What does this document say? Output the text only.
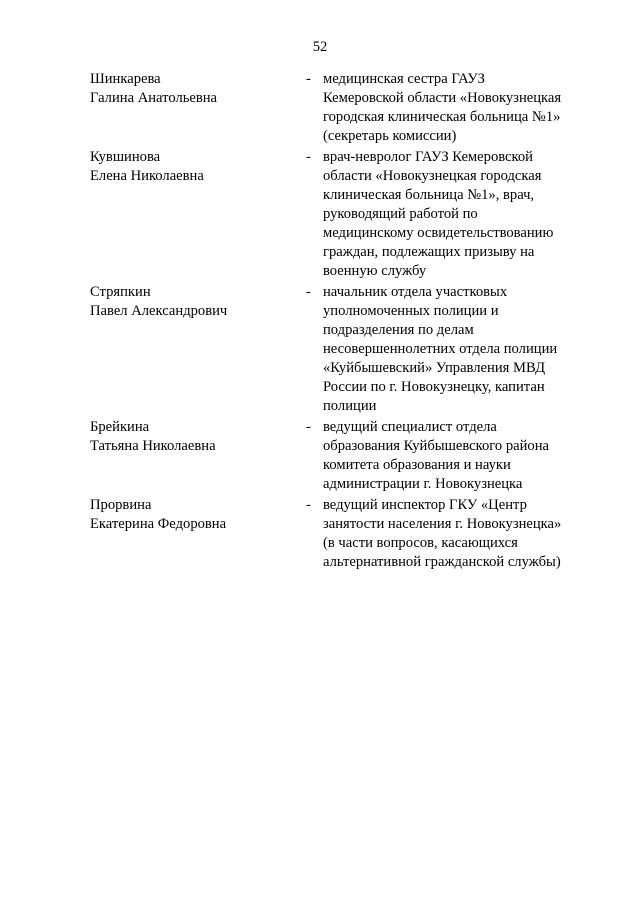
52
Шинкарева
Галина Анатольевна
- медицинская сестра ГАУЗ
Кемеровской области «Новокузнецкая
городская клиническая больница №1»
(секретарь комиссии)
Кувшинова
Елена Николаевна
- врач-невролог ГАУЗ Кемеровской
области «Новокузнецкая городская
клиническая больница №1», врач,
руководящий работой по
медицинскому освидетельствованию
граждан, подлежащих призыву на
военную службу
Стряпкин
Павел Александрович
- начальник отдела участковых
уполномоченных полиции и
подразделения по делам
несовершеннолетних отдела полиции
«Куйбышевский» Управления МВД
России по г. Новокузнецку, капитан
полиции
Брейкина
Татьяна Николаевна
- ведущий специалист отдела
образования Куйбышевского района
комитета образования и науки
администрации г. Новокузнецка
Прорвина
Екатерина Федоровна
- ведущий инспектор ГКУ «Центр
занятости населения г. Новокузнецка»
(в части вопросов, касающихся
альтернативной гражданской службы)
